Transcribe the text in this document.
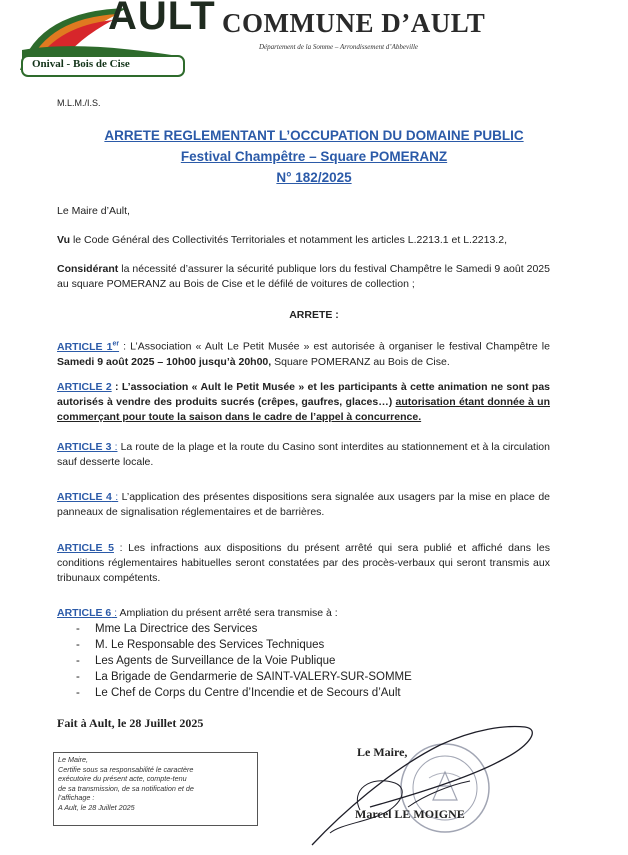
AULT
Onival - Bois de Cise
COMMUNE D’AULT
Département de la Somme – Arrondissement d’Abbeville
M.L.M./I.S.
ARRETE REGLEMENTANT L’OCCUPATION DU DOMAINE PUBLIC
Festival Champêtre – Square POMERANZ
N° 182/2025
Le Maire d’Ault,
Vu le Code Général des Collectivités Territoriales et notamment les articles L.2213.1 et L.2213.2,
Considérant la nécessité d’assurer la sécurité publique lors du festival Champêtre le Samedi 9 août 2025 au square POMERANZ au Bois de Cise et le défilé de voitures de collection ;
ARRETE :
ARTICLE 1er : L’Association « Ault Le Petit Musée » est autorisée à organiser le festival Champêtre le Samedi 9 août 2025 – 10h00 jusqu’à 20h00, Square POMERANZ au Bois de Cise.
ARTICLE 2 : L’association « Ault le Petit Musée » et les participants à cette animation ne sont pas autorisés à vendre des produits sucrés (crêpes, gaufres, glaces…) autorisation étant donnée à un commerçant pour toute la saison dans le cadre de l’appel à concurrence.
ARTICLE 3 : La route de la plage et la route du Casino sont interdites au stationnement et à la circulation sauf desserte locale.
ARTICLE 4 : L’application des présentes dispositions sera signalée aux usagers par la mise en place de panneaux de signalisation réglementaires et de barrières.
ARTICLE 5 : Les infractions aux dispositions du présent arrêté qui sera publié et affiché dans les conditions réglementaires habituelles seront constatées par des procès-verbaux qui seront transmis aux tribunaux compétents.
ARTICLE 6 : Ampliation du présent arrêté sera transmise à :
- Mme La Directrice des Services
- M. Le Responsable des Services Techniques
- Les Agents de Surveillance de la Voie Publique
- La Brigade de Gendarmerie de SAINT-VALERY-SUR-SOMME
- Le Chef de Corps du Centre d’Incendie et de Secours d’Ault
Fait à Ault, le 28 Juillet 2025
Le Maire,
Certifie sous sa responsabilité le caractère
exécutoire du présent acte, compte-tenu
de sa transmission, de sa notification et de
l’affichage :
A Ault, le 28 Juillet 2025
Le Maire,
Marcel LE MOIGNE
